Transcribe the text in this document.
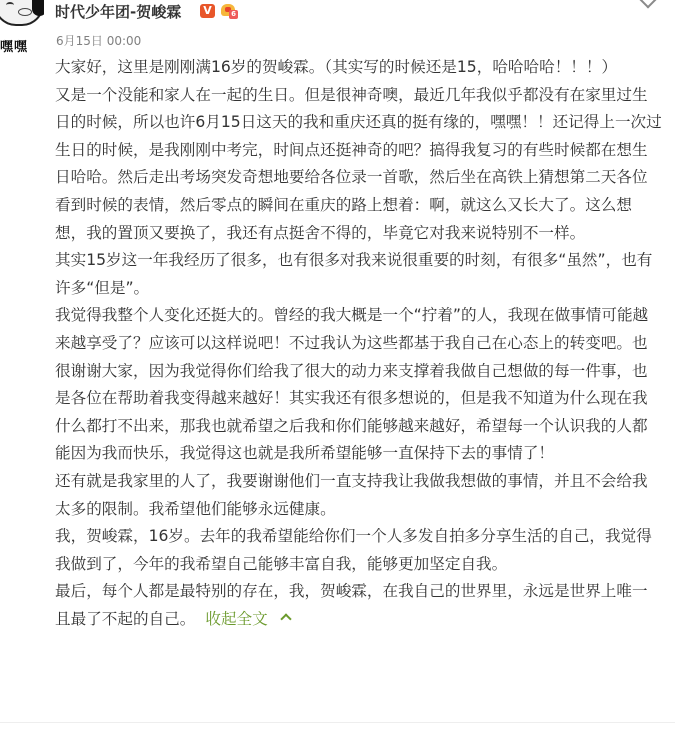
嘿嘿
时代少年团-贺峻霖 V	6
6月15日 00:00

大家好，这里是刚刚满16岁的贺峻霖。（其实写的时候还是15，哈哈哈哈！！！）

又是一个没能和家人在一起的生日。但是很神奇噢，最近几年我似乎都没有在家里过生日的时候，所以也许6月15日这天的我和重庆还真的挺有缘的，嘿嘿！！还记得上一次过生日的时候，是我刚刚中考完，时间点还挺神奇的吧？搞得我复习的有些时候都在想生日哈哈。然后走出考场突发奇想地要给各位录一首歌，然后坐在高铁上猜想第二天各位看到时候的表情，然后零点的瞬间在重庆的路上想着：啊，就这么又长大了。这么想想，我的置顶又要换了，我还有点挺舍不得的，毕竟它对我来说特别不一样。

其实15岁这一年我经历了很多，也有很多对我来说很重要的时刻，有很多“虽然”，也有许多“但是”。

我觉得我整个人变化还挺大的。曾经的我大概是一个“拧着”的人，我现在做事情可能越来越享受了？应该可以这样说吧！不过我认为这些都基于我自己在心态上的转变吧。也很谢谢大家，因为我觉得你们给我了很大的动力来支撑着我做自己想做的每一件事，也是各位在帮助着我变得越来越好！其实我还有很多想说的，但是我不知道为什么现在我什么都打不出来，那我也就希望之后我和你们能够越来越好，希望每一个认识我的人都能因为我而快乐，我觉得这也就是我所希望能够一直保持下去的事情了！

还有就是我家里的人了，我要谢谢他们一直支持我让我做我想做的事情，并且不会给我太多的限制。我希望他们能够永远健康。

我，贺峻霖，16岁。去年的我希望能给你们一个人多发自拍多分享生活的自己，我觉得我做到了，今年的我希望自己能够丰富自我，能够更加坚定自我。

最后，每个人都是最特别的存在，我，贺峻霖，在我自己的世界里，永远是世界上唯一且最了不起的自己。 收起全文
